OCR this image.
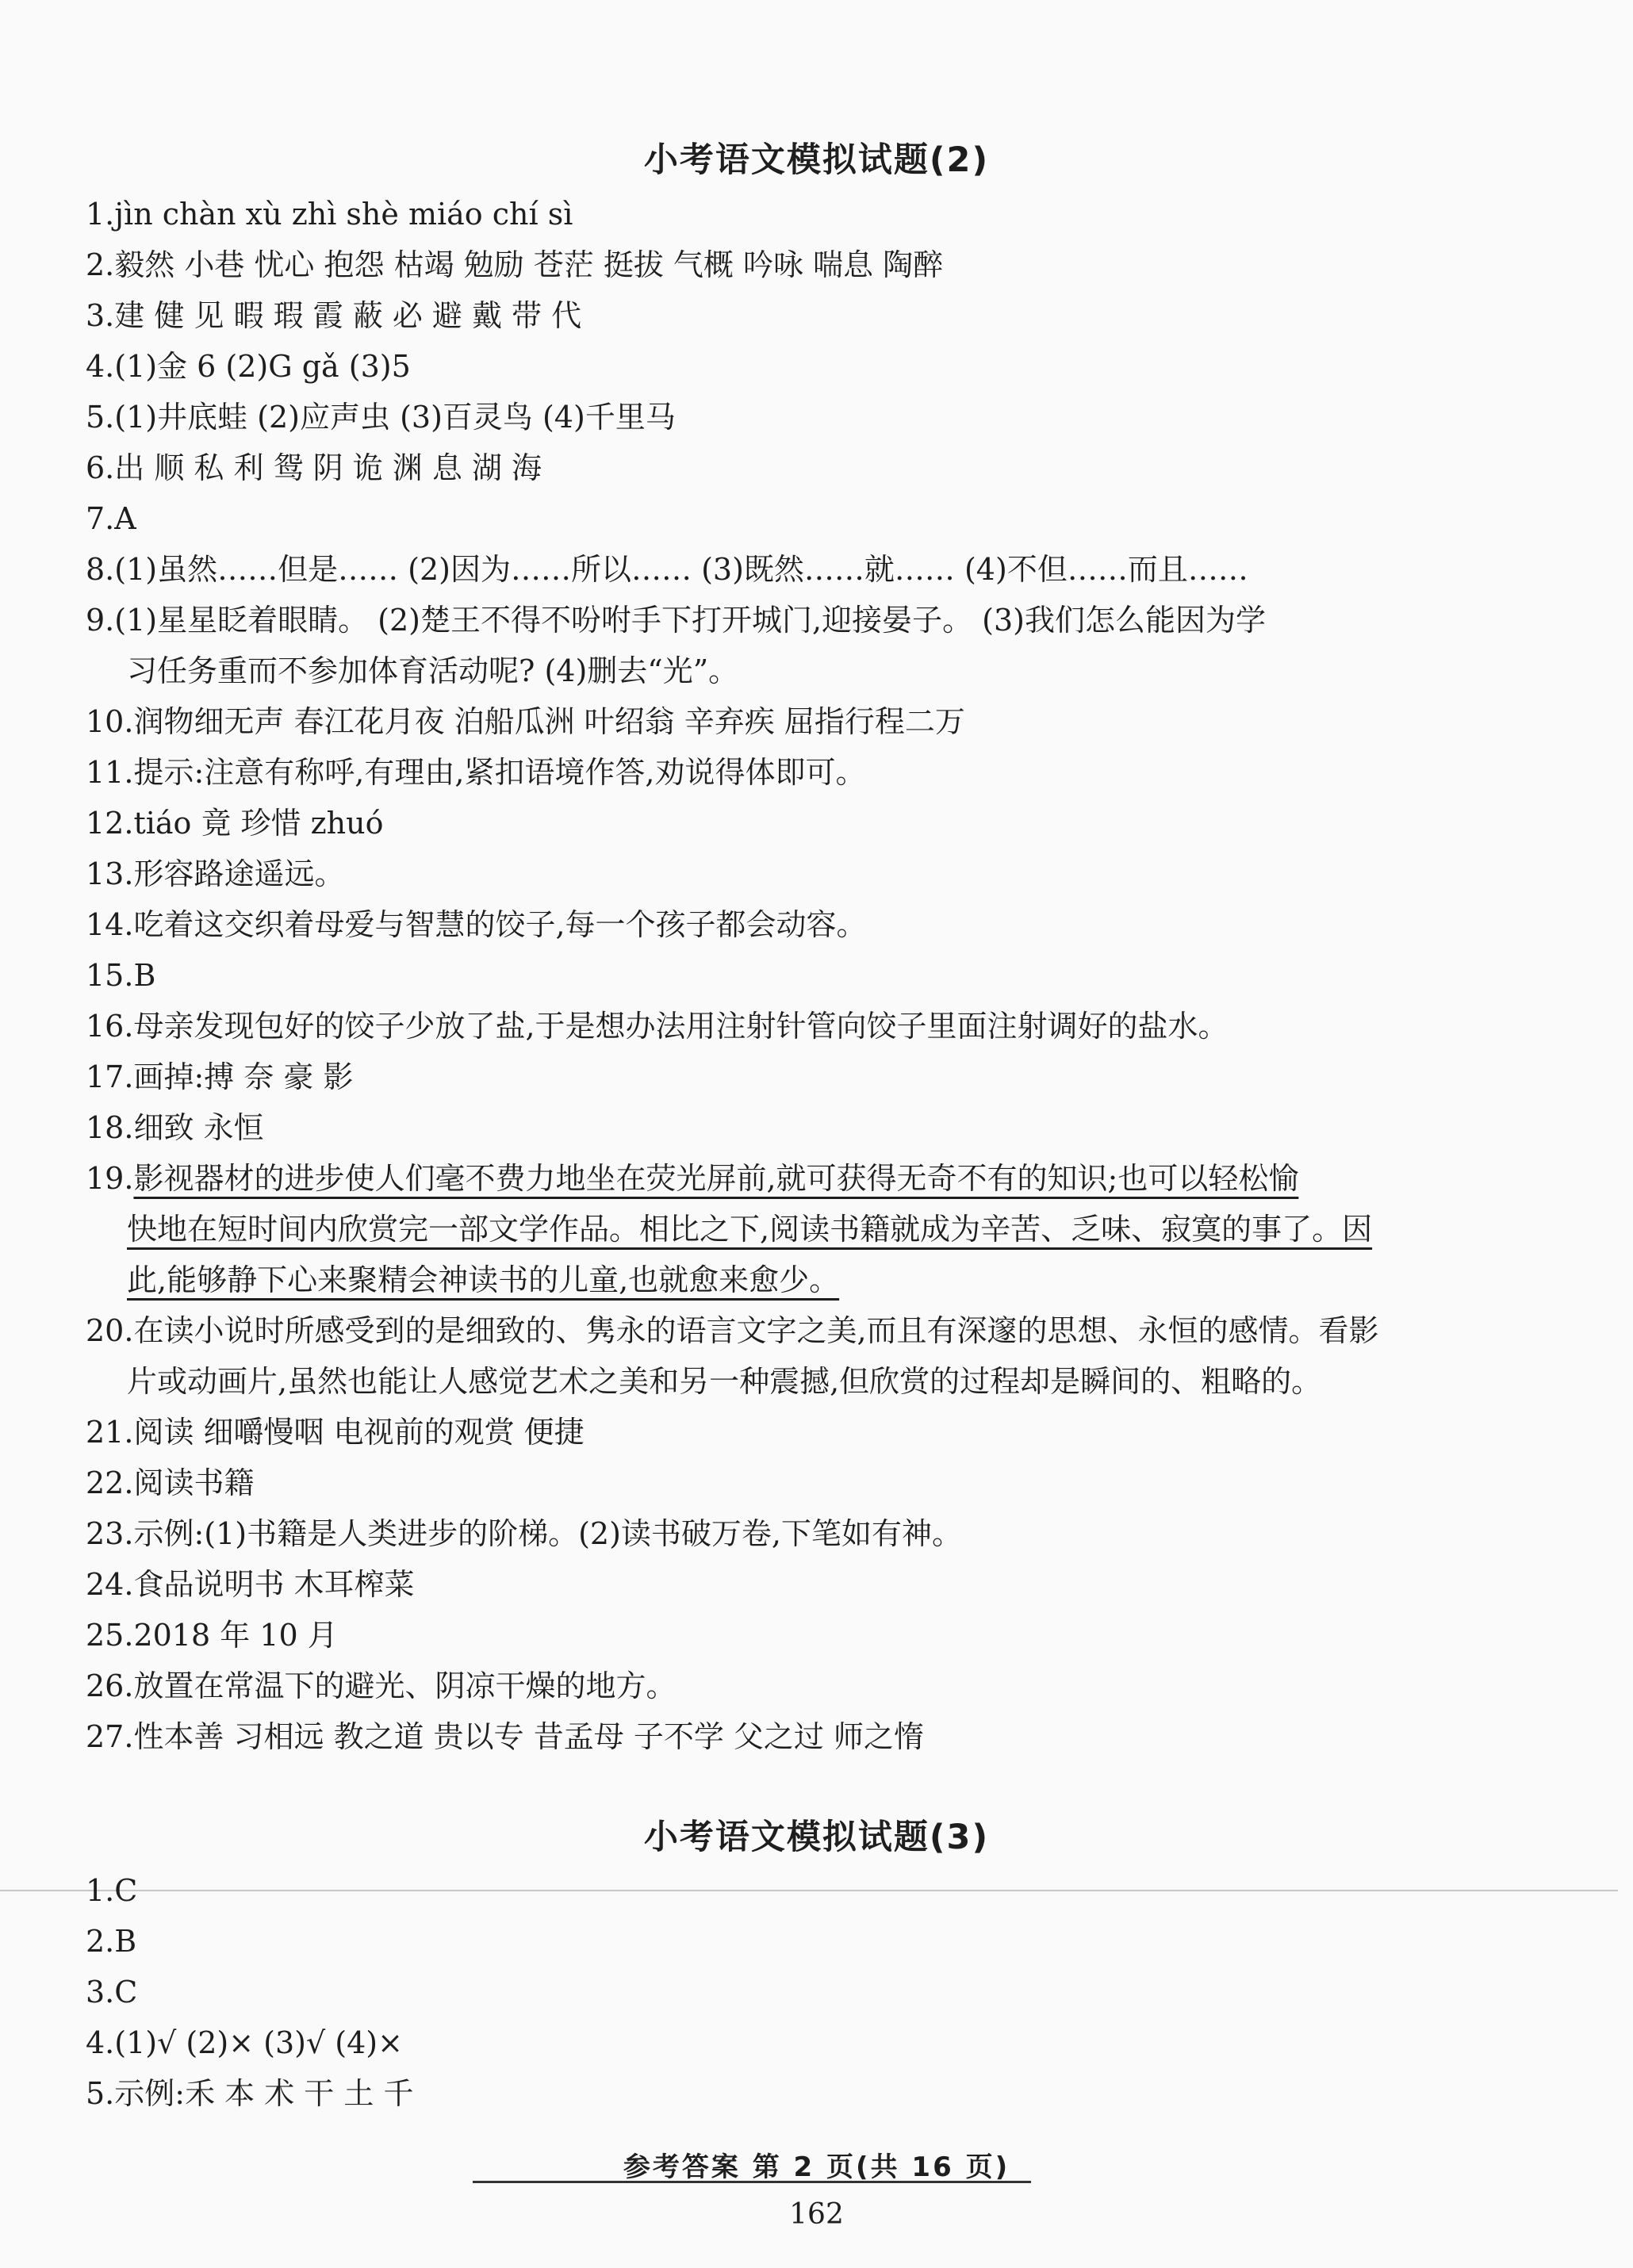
小考语文模拟试题(2)
1.jìn chàn xù zhì shè miáo chí sì
2.毅然 小巷 忧心 抱怨 枯竭 勉励 苍茫 挺拔 气概 吟咏 喘息 陶醉
3.建 健 见 暇 瑕 霞 蔽 必 避 戴 带 代
4.(1)金 6 (2)G gǎ (3)5
5.(1)井底蛙 (2)应声虫 (3)百灵鸟 (4)千里马
6.出 顺 私 利 鸳 阴 诡 渊 息 湖 海
7.A
8.(1)虽然……但是…… (2)因为……所以…… (3)既然……就…… (4)不但……而且……
9.(1)星星眨着眼睛。 (2)楚王不得不吩咐手下打开城门,迎接晏子。 (3)我们怎么能因为学
习任务重而不参加体育活动呢? (4)删去“光”。
10.润物细无声 春江花月夜 泊船瓜洲 叶绍翁 辛弃疾 屈指行程二万
11.提示:注意有称呼,有理由,紧扣语境作答,劝说得体即可。
12.tiáo 竟 珍惜 zhuó
13.形容路途遥远。
14.吃着这交织着母爱与智慧的饺子,每一个孩子都会动容。
15.B
16.母亲发现包好的饺子少放了盐,于是想办法用注射针管向饺子里面注射调好的盐水。
17.画掉:搏 奈 豪 影
18.细致 永恒
19.影视器材的进步使人们毫不费力地坐在荧光屏前,就可获得无奇不有的知识;也可以轻松愉
快地在短时间内欣赏完一部文学作品。相比之下,阅读书籍就成为辛苦、乏味、寂寞的事了。因
此,能够静下心来聚精会神读书的儿童,也就愈来愈少。
20.在读小说时所感受到的是细致的、隽永的语言文字之美,而且有深邃的思想、永恒的感情。看影
片或动画片,虽然也能让人感觉艺术之美和另一种震撼,但欣赏的过程却是瞬间的、粗略的。
21.阅读 细嚼慢咽 电视前的观赏 便捷
22.阅读书籍
23.示例:(1)书籍是人类进步的阶梯。(2)读书破万卷,下笔如有神。
24.食品说明书 木耳榨菜
25.2018 年 10 月
26.放置在常温下的避光、阴凉干燥的地方。
27.性本善 习相远 教之道 贵以专 昔孟母 子不学 父之过 师之惰
小考语文模拟试题(3)
1.C
2.B
3.C
4.(1)√ (2)× (3)√ (4)×
5.示例:禾 本 术 干 土 千
参考答案 第 2 页(共 16 页)
162
